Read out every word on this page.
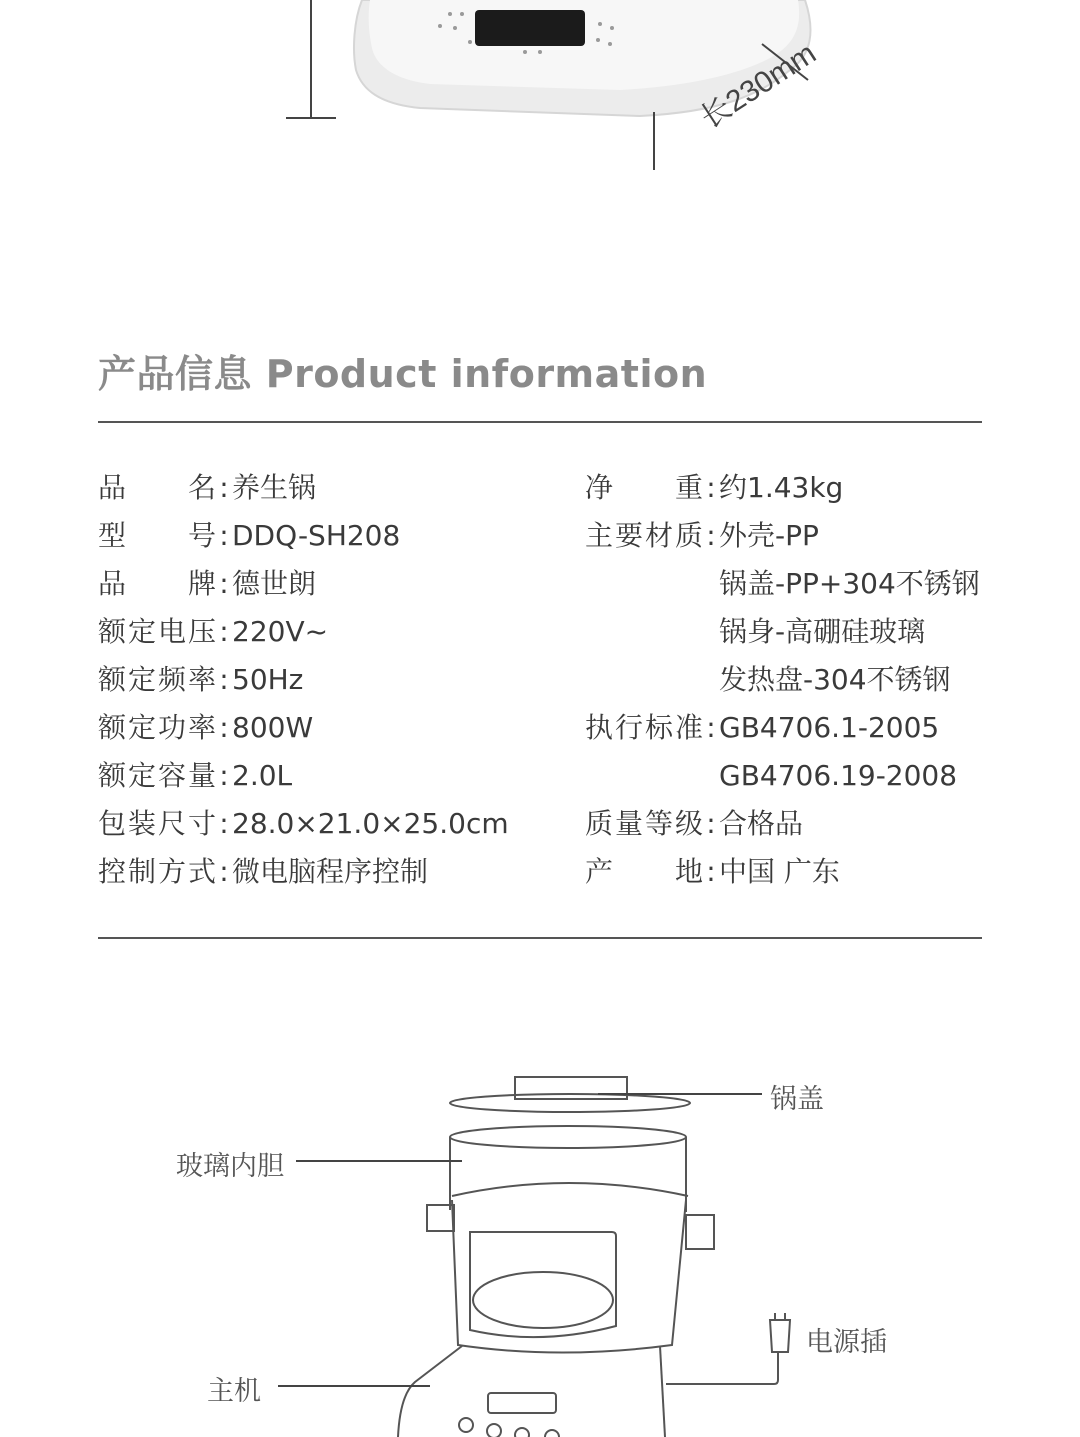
长230mm
产品信息 Product information
品名 : 养生锅
型号 : DDQ-SH208
品牌 : 德世朗
额定电压 : 220V~
额定频率 : 50Hz
额定功率 : 800W
额定容量 : 2.0L
包装尺寸 : 28.0×21.0×25.0cm
控制方式 : 微电脑程序控制
净重 : 约1.43kg
主要材质 : 外壳-PP
锅盖-PP+304不锈钢
锅身-高硼硅玻璃
发热盘-304不锈钢
执行标准 : GB4706.1-2005
GB4706.19-2008
质量等级 : 合格品
产地 : 中国 广东
锅盖
玻璃内胆
电源插
主机
